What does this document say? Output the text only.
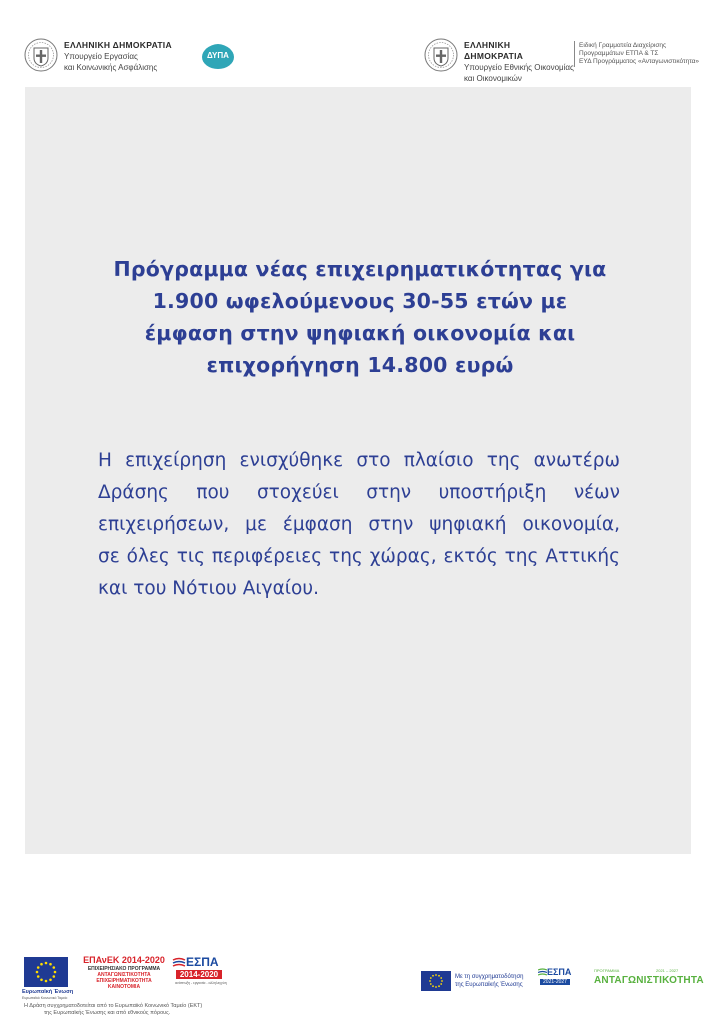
ΕΛΛΗΝΙΚΗ ΔΗΜΟΚΡΑΤΙΑ
Υπουργείο Εργασίας
και Κοινωνικής Ασφάλισης
ΔΥΠΑ
ΕΛΛΗΝΙΚΗ ΔΗΜΟΚΡΑΤΙΑ
Υπουργείο Εθνικής Οικονομίας
και Οικονομικών
Ειδική Γραμματεία Διαχείρισης
Προγραμμάτων ΕΤΠΑ & ΤΣ
ΕΥΔ Προγράμματος «Ανταγωνιστικότητα»
Πρόγραμμα νέας επιχειρηματικότητας για
1.900 ωφελούμενους 30-55 ετών με
έμφαση στην ψηφιακή οικονομία και
επιχορήγηση 14.800 ευρώ
Η επιχείρηση ενισχύθηκε στο πλαίσιο της ανωτέρω
Δράσης που στοχεύει στην υποστήριξη νέων
επιχειρήσεων, με έμφαση στην ψηφιακή οικονομία,
σε όλες τις περιφέρειες της χώρας, εκτός της Αττικής
και του Νότιου Αιγαίου.
Ευρωπαϊκή Ένωση
Ευρωπαϊκό Κοινωνικό Ταμείο
ΕΠΑνΕΚ 2014-2020
ΕΠΙΧΕΙΡΗΣΙΑΚΟ ΠΡΟΓΡΑΜΜΑ
ΑΝΤΑΓΩΝΙΣΤΙΚΟΤΗΤΑ
ΕΠΙΧΕΙΡΗΜΑΤΙΚΟΤΗΤΑ
ΚΑΙΝΟΤΟΜΙΑ
ΕΣΠΑ
2014-2020
ανάπτυξη - εργασία - αλληλεγγύη
Η Δράση συγχρηματοδοτείται από το Ευρωπαϊκό Κοινωνικό Ταμείο (ΕΚΤ)
της Ευρωπαϊκής Ένωσης και από εθνικούς πόρους.
Με τη συγχρηματοδότηση
της Ευρωπαϊκής Ένωσης
ΕΣΠΑ
2021-2027
ΠΡΟΓΡΑΜΜΑ	2021 – 2027
ΑΝΤΑΓΩΝΙΣΤΙΚΟΤΗΤΑ
